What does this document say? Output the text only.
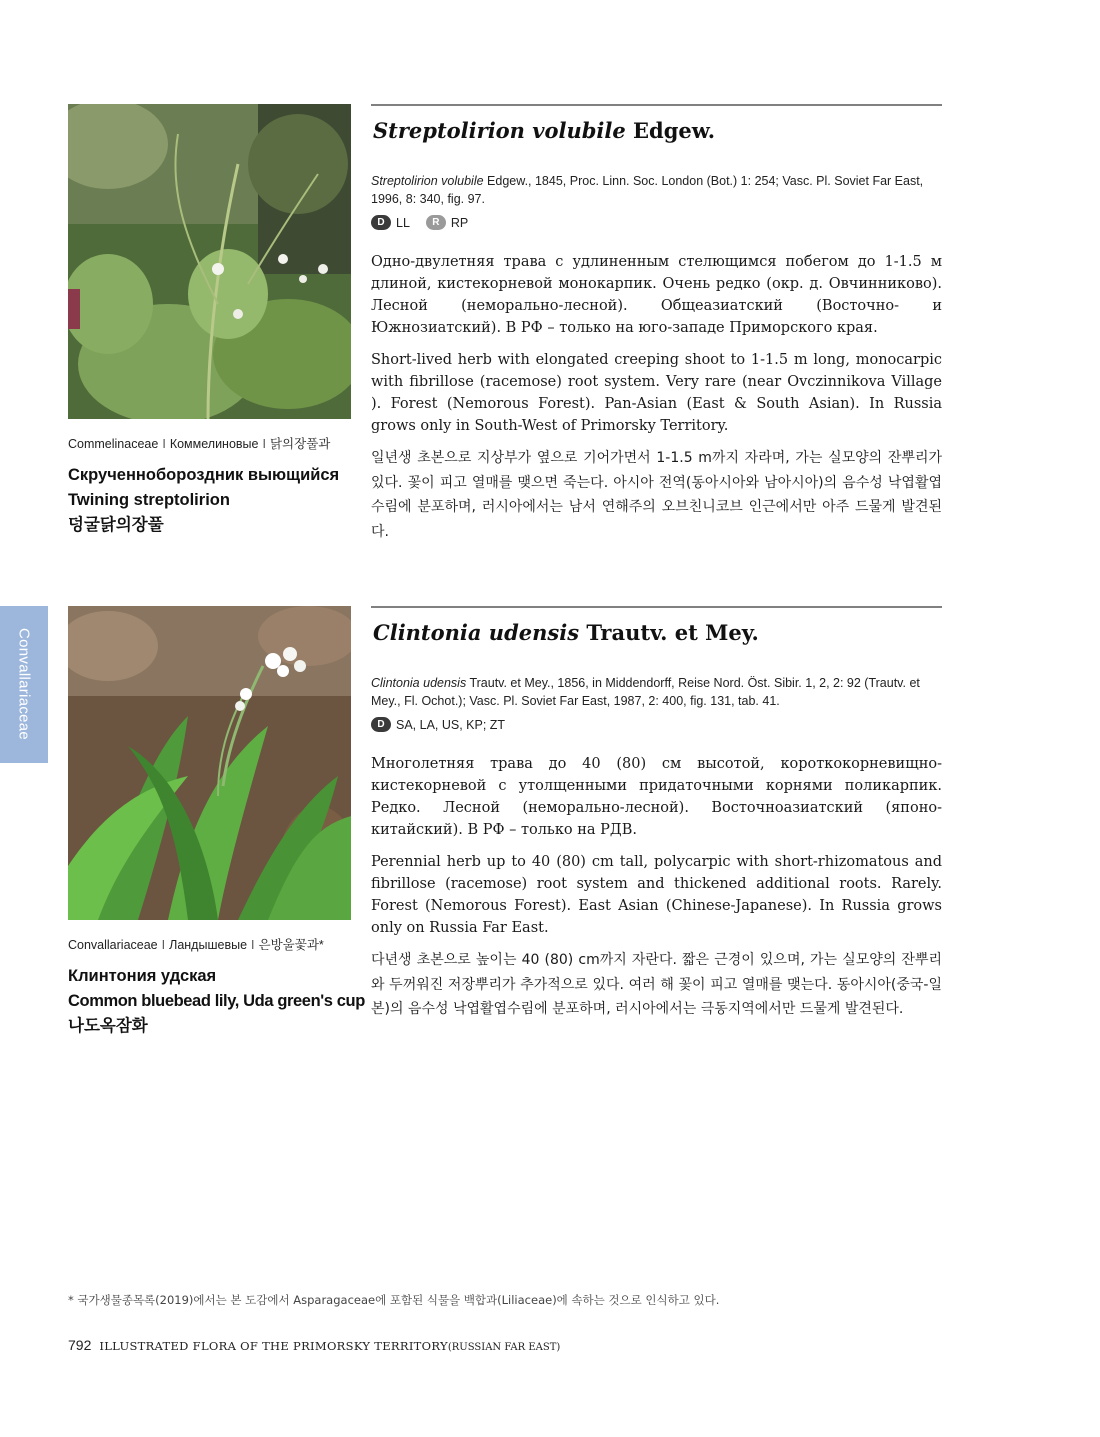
Convallariaceae
Commelinaceae I Коммелиновые I 닭의장풀과
Скрученнобороздник выющийся
Twining streptolirion
덩굴닭의장풀
Streptolirion volubile Edgew.
Streptolirion volubile Edgew., 1845, Proc. Linn. Soc. London (Bot.) 1: 254; Vasc. Pl. Soviet Far East, 1996, 8: 340, fig. 97.
D LL	R RP
Одно-двулетняя трава с удлиненным стелющимся побегом до 1-1.5 м длиной, кистекорневой монокарпик. Очень редко (окр. д. Овчинниково). Лесной (неморально-лесной). Общеазиатский (Восточно- и Южнозиатский). В РФ – только на юго-западе Приморского края.
Short-lived herb with elongated creeping shoot to 1-1.5 m long, monocarpic with fibrillose (racemose) root system. Very rare (near Ovczinnikova Village ). Forest (Nemorous Forest). Pan-Asian (East & South Asian). In Russia grows only in South-West of Primorsky Territory.
일년생 초본으로 지상부가 옆으로 기어가면서 1-1.5 m까지 자라며, 가는 실모양의 잔뿌리가 있다. 꽃이 피고 열매를 맺으면 죽는다. 아시아 전역(동아시아와 남아시아)의 음수성 낙엽활엽수림에 분포하며, 러시아에서는 남서 연해주의 오브친니코브 인근에서만 아주 드물게 발견된다.
Convallariaceae I Ландышевые I 은방울꽃과*
Клинтония удская
Common bluebead lily, Uda green's cup
나도옥잠화
Clintonia udensis Trautv. et Mey.
Clintonia udensis Trautv. et Mey., 1856, in Middendorff, Reise Nord. Öst. Sibir. 1, 2, 2: 92 (Trautv. et Mey., Fl. Ochot.); Vasc. Pl. Soviet Far East, 1987, 2: 400, fig. 131, tab. 41.
D SA, LA, US, KP; ZT
Многолетняя трава до 40 (80) см высотой, короткокорневищно-кистекорневой с утолщенными придаточными корнями поликарпик. Редко. Лесной (неморально-лесной). Восточноазиатский (японо-китайский). В РФ – только на РДВ.
Perennial herb up to 40 (80) cm tall, polycarpic with short-rhizomatous and fibrillose (racemose) root system and thickened additional roots. Rarely. Forest (Nemorous Forest). East Asian (Chinese-Japanese). In Russia grows only on Russia Far East.
다년생 초본으로 높이는 40 (80) cm까지 자란다. 짧은 근경이 있으며, 가는 실모양의 잔뿌리와 두꺼워진 저장뿌리가 추가적으로 있다. 여러 해 꽃이 피고 열매를 맺는다. 동아시아(중국-일본)의 음수성 낙엽활엽수림에 분포하며, 러시아에서는 극동지역에서만 드물게 발견된다.
* 국가생물종목록(2019)에서는 본 도감에서 Asparagaceae에 포함된 식물을 백합과(Liliaceae)에 속하는 것으로 인식하고 있다.
792 ILLUSTRATED FLORA OF THE PRIMORSKY TERRITORY(RUSSIAN FAR EAST)
